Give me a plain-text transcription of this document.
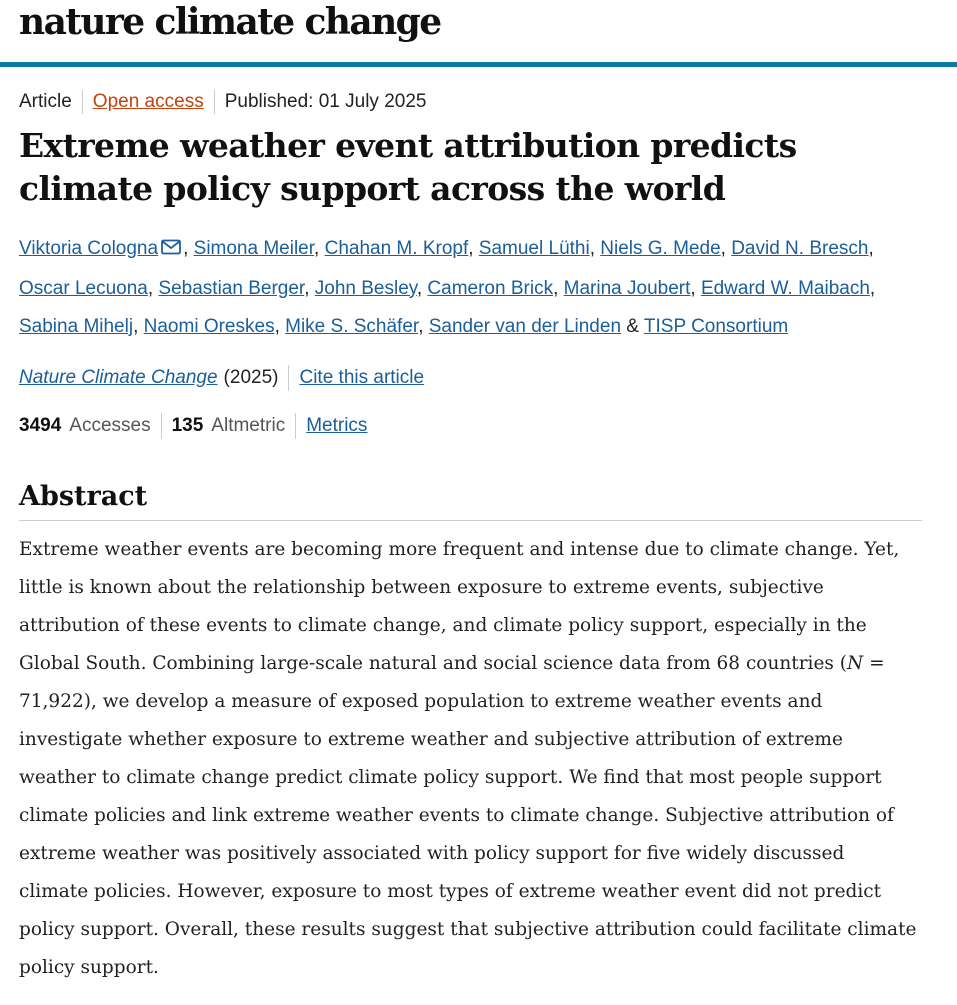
nature climate change
Article Open access Published: 01 July 2025
Extreme weather event attribution predicts climate policy support across the world
Viktoria Cologna , Simona Meiler, Chahan M. Kropf, Samuel Lüthi, Niels G. Mede, David N. Bresch, Oscar Lecuona, Sebastian Berger, John Besley, Cameron Brick, Marina Joubert, Edward W. Maibach, Sabina Mihelj, Naomi Oreskes, Mike S. Schäfer, Sander van der Linden & TISP Consortium
Nature Climate Change (2025) Cite this article
3494 Accesses 135 Altmetric Metrics
Abstract

Extreme weather events are becoming more frequent and intense due to climate change. Yet, little is known about the relationship between exposure to extreme events, subjective attribution of these events to climate change, and climate policy support, especially in the Global South. Combining large-scale natural and social science data from 68 countries (N = 71,922), we develop a measure of exposed population to extreme weather events and investigate whether exposure to extreme weather and subjective attribution of extreme weather to climate change predict climate policy support. We find that most people support climate policies and link extreme weather events to climate change. Subjective attribution of extreme weather was positively associated with policy support for five widely discussed climate policies. However, exposure to most types of extreme weather event did not predict policy support. Overall, these results suggest that subjective attribution could facilitate climate policy support.
